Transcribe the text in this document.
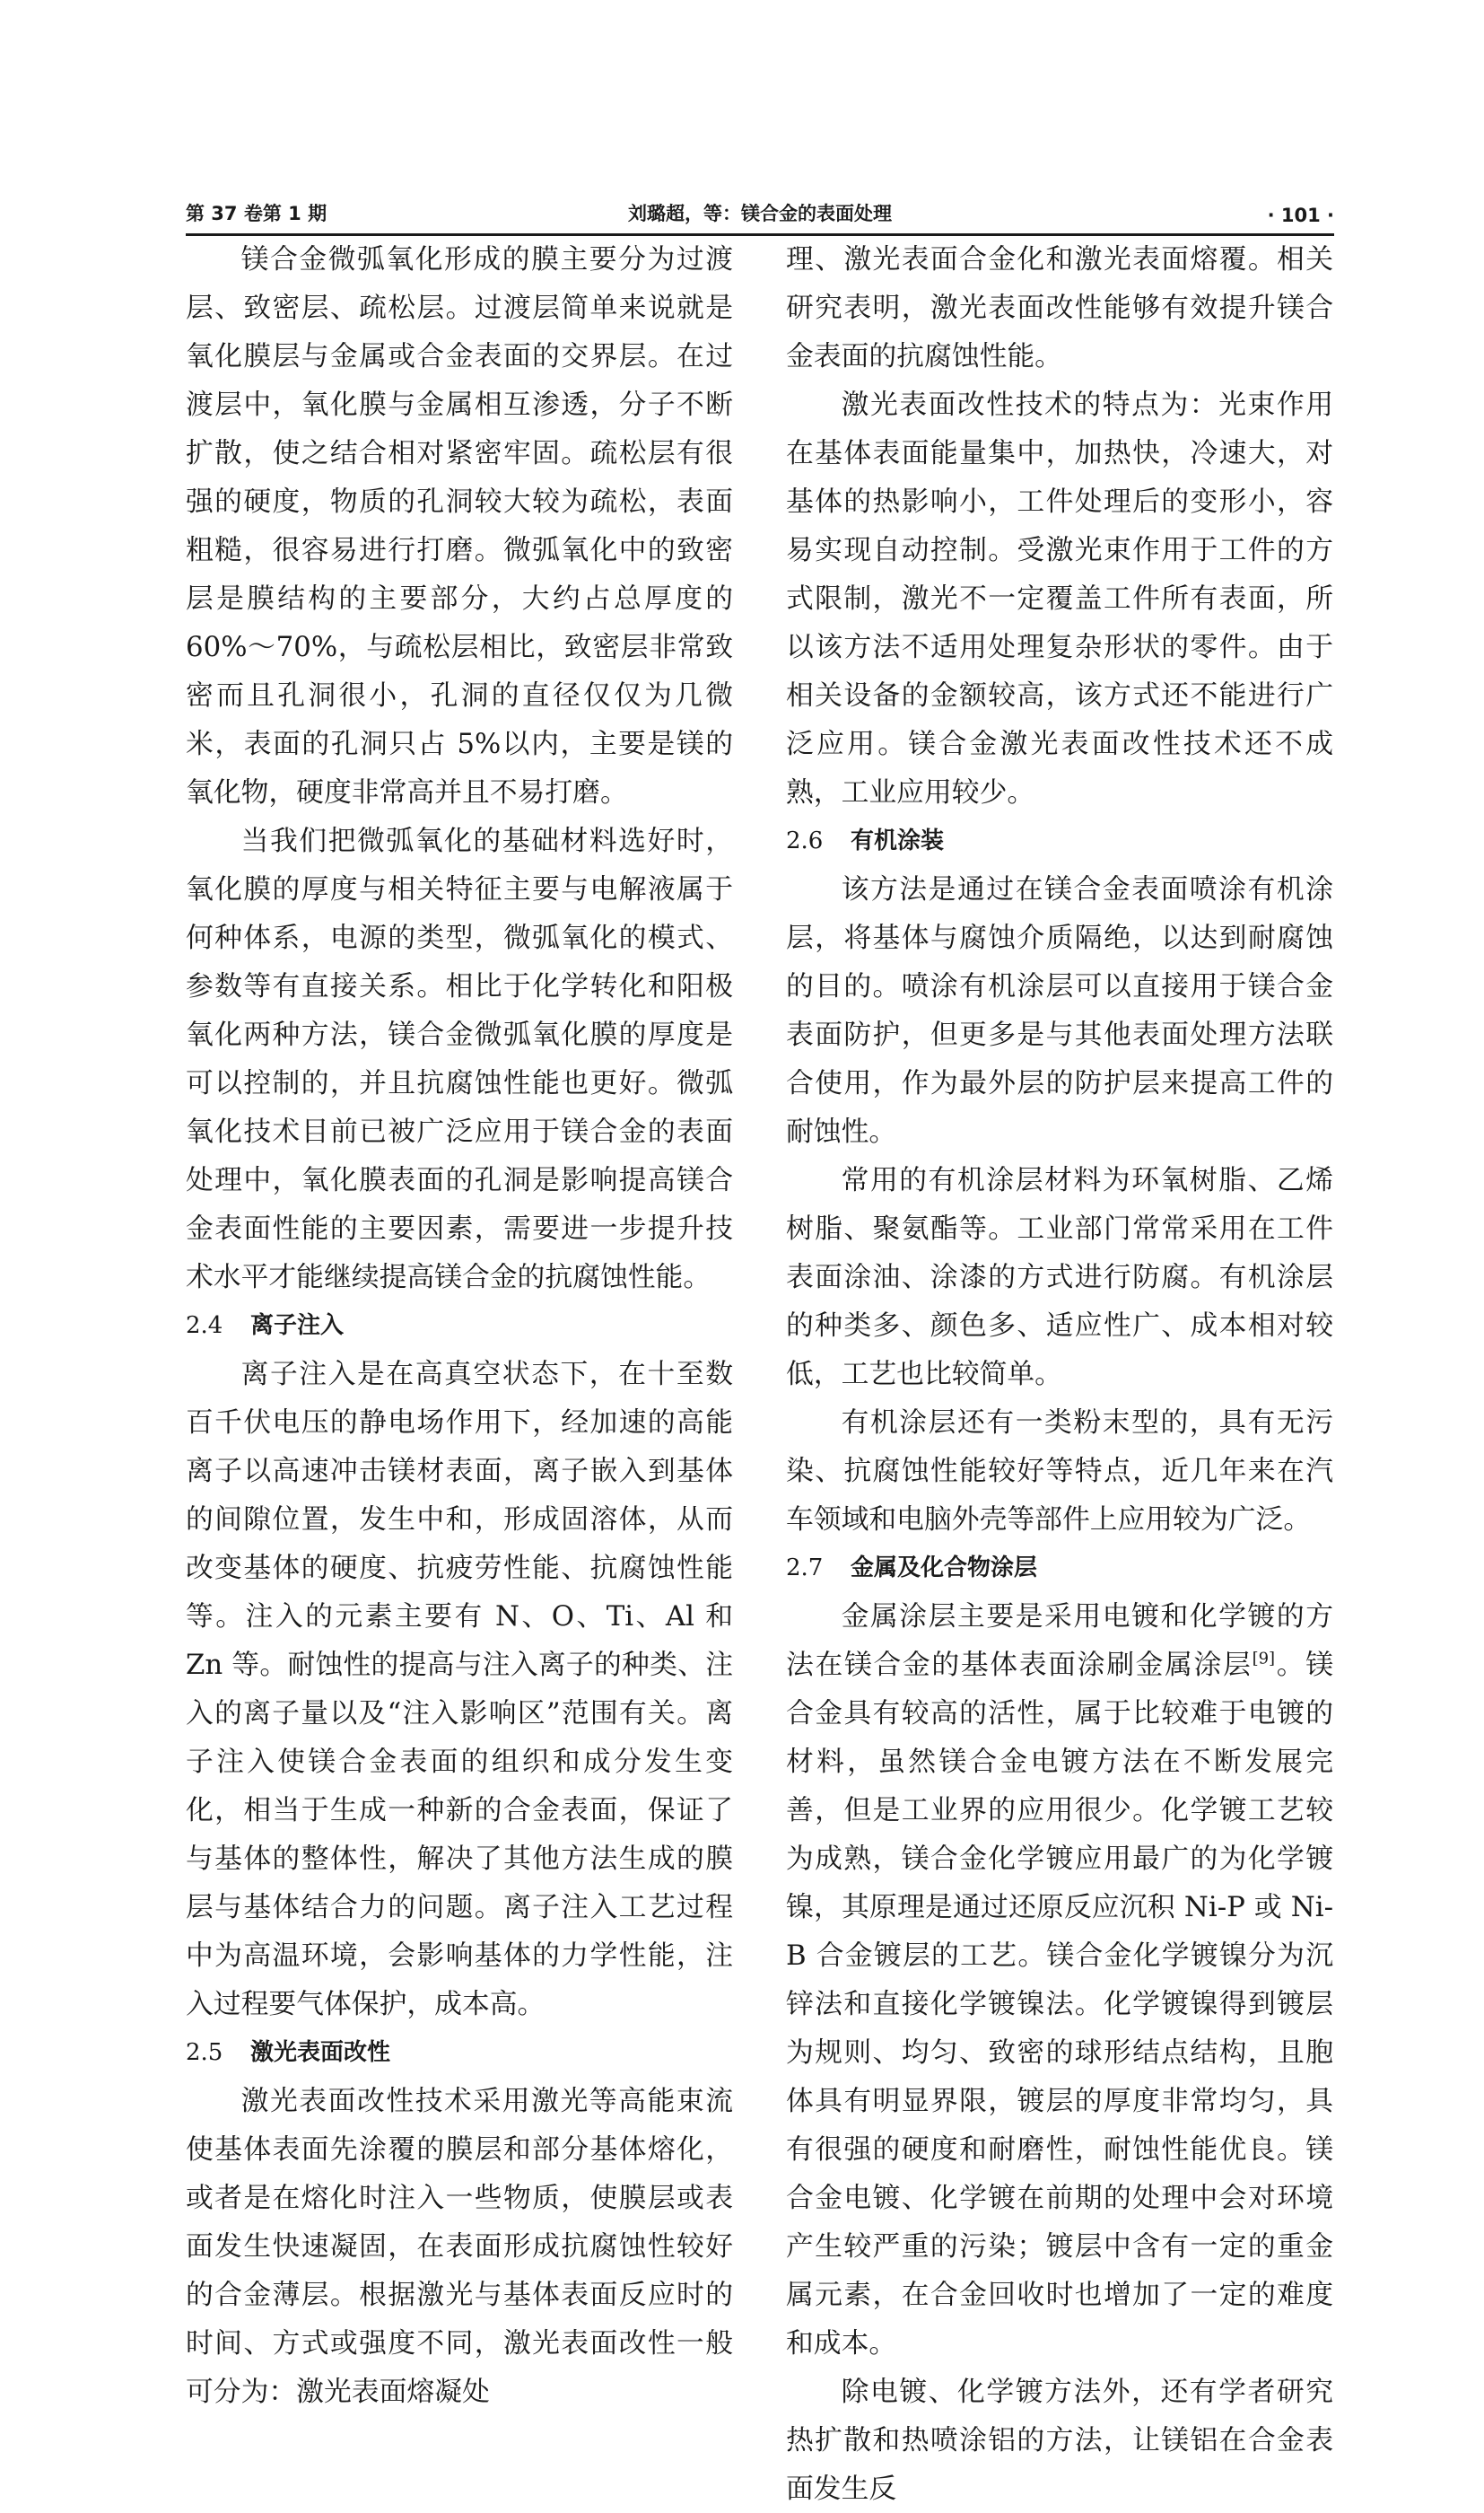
第 37 卷第 1 期	刘璐超，等：镁合金的表面处理	· 101 ·

镁合金微弧氧化形成的膜主要分为过渡层、致密层、疏松层。过渡层简单来说就是氧化膜层与金属或合金表面的交界层。在过渡层中，氧化膜与金属相互渗透，分子不断扩散，使之结合相对紧密牢固。疏松层有很强的硬度，物质的孔洞较大较为疏松，表面粗糙，很容易进行打磨。微弧氧化中的致密层是膜结构的主要部分，大约占总厚度的 60%～70%，与疏松层相比，致密层非常致密而且孔洞很小，孔洞的直径仅仅为几微米，表面的孔洞只占 5%以内，主要是镁的氧化物，硬度非常高并且不易打磨。

当我们把微弧氧化的基础材料选好时，氧化膜的厚度与相关特征主要与电解液属于何种体系，电源的类型，微弧氧化的模式、参数等有直接关系。相比于化学转化和阳极氧化两种方法，镁合金微弧氧化膜的厚度是可以控制的，并且抗腐蚀性能也更好。微弧氧化技术目前已被广泛应用于镁合金的表面处理中，氧化膜表面的孔洞是影响提高镁合金表面性能的主要因素，需要进一步提升技术水平才能继续提高镁合金的抗腐蚀性能。

2.4 离子注入

离子注入是在高真空状态下，在十至数百千伏电压的静电场作用下，经加速的高能离子以高速冲击镁材表面，离子嵌入到基体的间隙位置，发生中和，形成固溶体，从而改变基体的硬度、抗疲劳性能、抗腐蚀性能等。注入的元素主要有 N、O、Ti、Al 和 Zn 等。耐蚀性的提高与注入离子的种类、注入的离子量以及“注入影响区”范围有关。离子注入使镁合金表面的组织和成分发生变化，相当于生成一种新的合金表面，保证了与基体的整体性，解决了其他方法生成的膜层与基体结合力的问题。离子注入工艺过程中为高温环境，会影响基体的力学性能，注入过程要气体保护，成本高。

2.5 激光表面改性

激光表面改性技术采用激光等高能束流使基体表面先涂覆的膜层和部分基体熔化，或者是在熔化时注入一些物质，使膜层或表面发生快速凝固，在表面形成抗腐蚀性较好的合金薄层。根据激光与基体表面反应时的时间、方式或强度不同，激光表面改性一般可分为：激光表面熔凝处

理、激光表面合金化和激光表面熔覆。相关研究表明，激光表面改性能够有效提升镁合金表面的抗腐蚀性能。

激光表面改性技术的特点为：光束作用在基体表面能量集中，加热快，冷速大，对基体的热影响小，工件处理后的变形小，容易实现自动控制。受激光束作用于工件的方式限制，激光不一定覆盖工件所有表面，所以该方法不适用处理复杂形状的零件。由于相关设备的金额较高，该方式还不能进行广泛应用。镁合金激光表面改性技术还不成熟，工业应用较少。

2.6 有机涂装

该方法是通过在镁合金表面喷涂有机涂层，将基体与腐蚀介质隔绝，以达到耐腐蚀的目的。喷涂有机涂层可以直接用于镁合金表面防护，但更多是与其他表面处理方法联合使用，作为最外层的防护层来提高工件的耐蚀性。

常用的有机涂层材料为环氧树脂、乙烯树脂、聚氨酯等。工业部门常常采用在工件表面涂油、涂漆的方式进行防腐。有机涂层的种类多、颜色多、适应性广、成本相对较低，工艺也比较简单。

有机涂层还有一类粉末型的，具有无污染、抗腐蚀性能较好等特点，近几年来在汽车领域和电脑外壳等部件上应用较为广泛。

2.7 金属及化合物涂层

金属涂层主要是采用电镀和化学镀的方法在镁合金的基体表面涂刷金属涂层[9]。镁合金具有较高的活性，属于比较难于电镀的材料，虽然镁合金电镀方法在不断发展完善，但是工业界的应用很少。化学镀工艺较为成熟，镁合金化学镀应用最广的为化学镀镍，其原理是通过还原反应沉积 Ni-P 或 Ni-B 合金镀层的工艺。镁合金化学镀镍分为沉锌法和直接化学镀镍法。化学镀镍得到镀层为规则、均匀、致密的球形结点结构，且胞体具有明显界限，镀层的厚度非常均匀，具有很强的硬度和耐磨性，耐蚀性能优良。镁合金电镀、化学镀在前期的处理中会对环境产生较严重的污染；镀层中含有一定的重金属元素，在合金回收时也增加了一定的难度和成本。

除电镀、化学镀方法外，还有学者研究热扩散和热喷涂铝的方法，让镁铝在合金表面发生反
